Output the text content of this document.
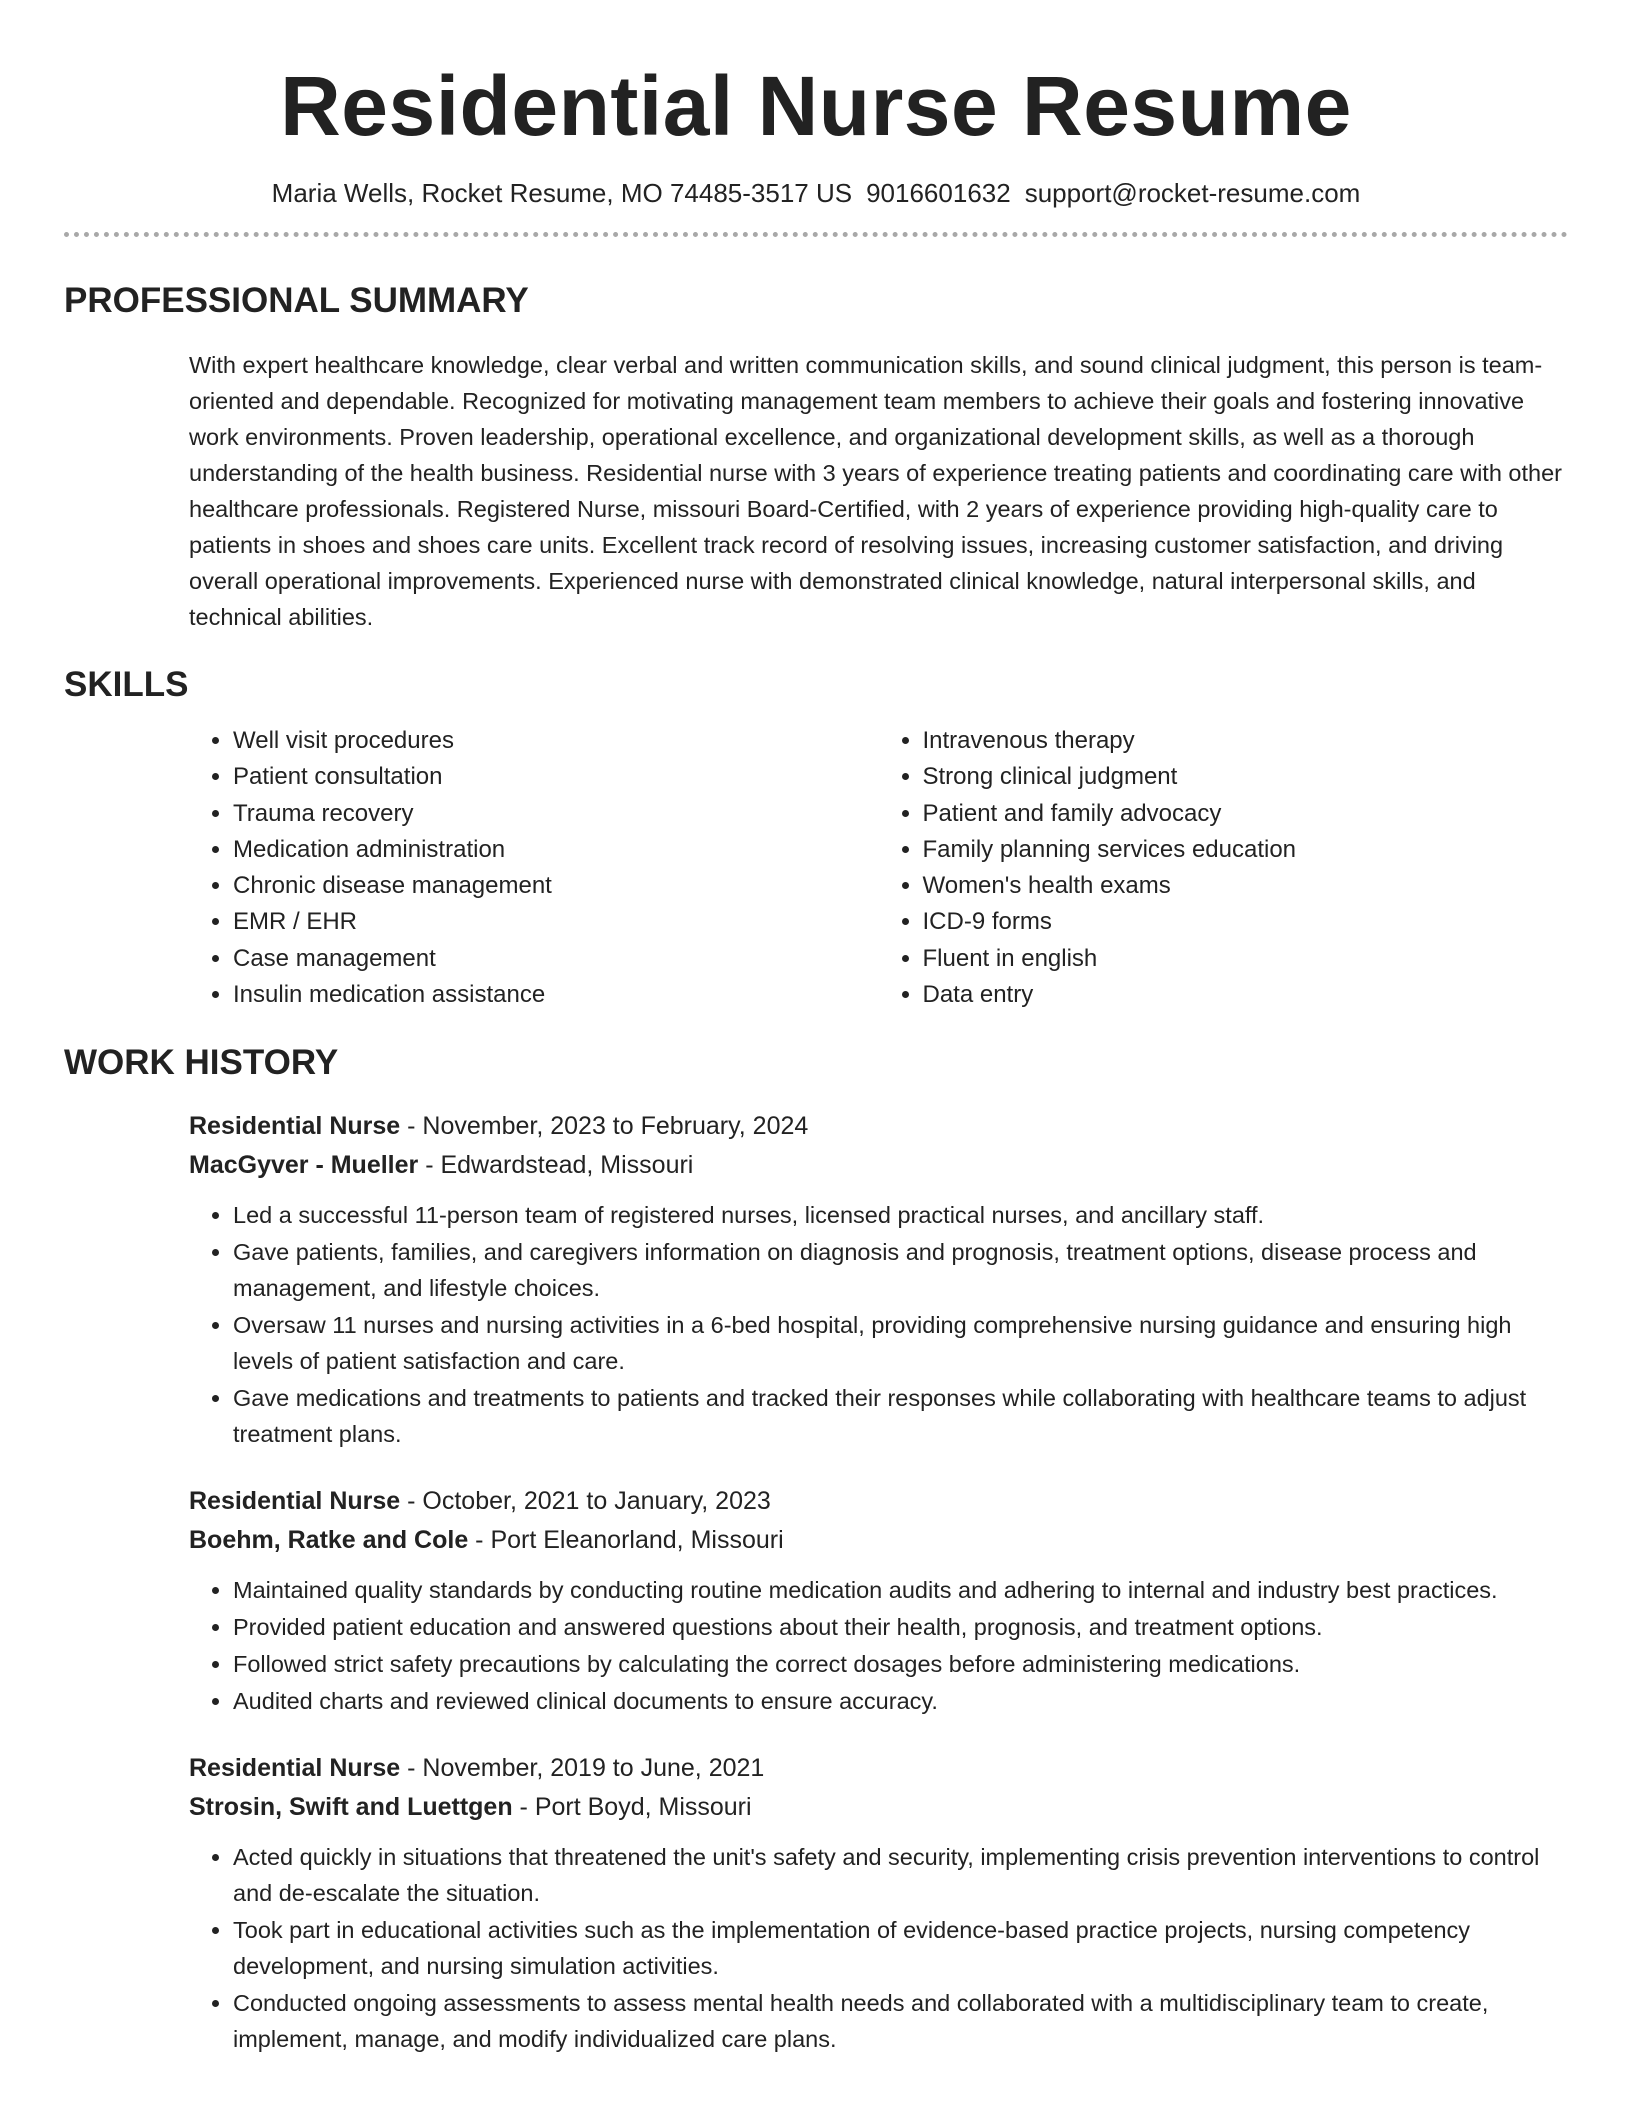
Residential Nurse Resume
Maria Wells, Rocket Resume, MO 74485-3517 US 9016601632 support@rocket-resume.com
PROFESSIONAL SUMMARY

With expert healthcare knowledge, clear verbal and written communication skills, and sound clinical judgment, this person is team-oriented and dependable. Recognized for motivating management team members to achieve their goals and fostering innovative work environments. Proven leadership, operational excellence, and organizational development skills, as well as a thorough understanding of the health business. Residential nurse with 3 years of experience treating patients and coordinating care with other healthcare professionals. Registered Nurse, missouri Board-Certified, with 2 years of experience providing high-quality care to patients in shoes and shoes care units. Excellent track record of resolving issues, increasing customer satisfaction, and driving overall operational improvements. Experienced nurse with demonstrated clinical knowledge, natural interpersonal skills, and technical abilities.

SKILLS
• Well visit procedures
• Patient consultation
• Trauma recovery
• Medication administration
• Chronic disease management
• EMR / EHR
• Case management
• Insulin medication assistance
• Intravenous therapy
• Strong clinical judgment
• Patient and family advocacy
• Family planning services education
• Women's health exams
• ICD-9 forms
• Fluent in english
• Data entry
WORK HISTORY
Residential Nurse - November, 2023 to February, 2024
MacGyver - Mueller - Edwardstead, Missouri
• Led a successful 11-person team of registered nurses, licensed practical nurses, and ancillary staff.
• Gave patients, families, and caregivers information on diagnosis and prognosis, treatment options, disease process and management, and lifestyle choices.
• Oversaw 11 nurses and nursing activities in a 6-bed hospital, providing comprehensive nursing guidance and ensuring high levels of patient satisfaction and care.
• Gave medications and treatments to patients and tracked their responses while collaborating with healthcare teams to adjust treatment plans.
Residential Nurse - October, 2021 to January, 2023
Boehm, Ratke and Cole - Port Eleanorland, Missouri
• Maintained quality standards by conducting routine medication audits and adhering to internal and industry best practices.
• Provided patient education and answered questions about their health, prognosis, and treatment options.
• Followed strict safety precautions by calculating the correct dosages before administering medications.
• Audited charts and reviewed clinical documents to ensure accuracy.
Residential Nurse - November, 2019 to June, 2021
Strosin, Swift and Luettgen - Port Boyd, Missouri
• Acted quickly in situations that threatened the unit's safety and security, implementing crisis prevention interventions to control and de-escalate the situation.
• Took part in educational activities such as the implementation of evidence-based practice projects, nursing competency development, and nursing simulation activities.
• Conducted ongoing assessments to assess mental health needs and collaborated with a multidisciplinary team to create, implement, manage, and modify individualized care plans.
